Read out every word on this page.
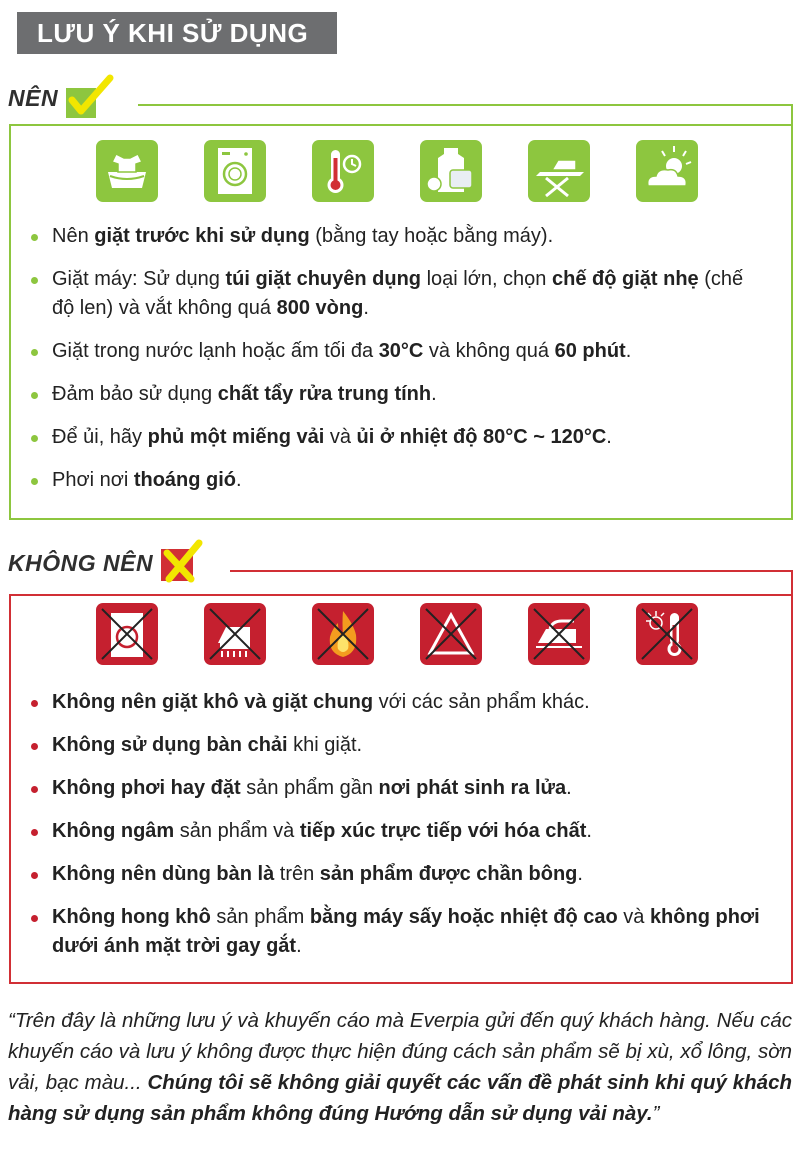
LƯU Ý KHI SỬ DỤNG
NÊN
Nên giặt trước khi sử dụng (bằng tay hoặc bằng máy).
Giặt máy: Sử dụng túi giặt chuyên dụng loại lớn, chọn chế độ giặt nhẹ (chế độ len) và vắt không quá 800 vòng.
Giặt trong nước lạnh hoặc ấm tối đa 30°C và không quá 60 phút.
Đảm bảo sử dụng chất tẩy rửa trung tính.
Để ủi, hãy phủ một miếng vải và ủi ở nhiệt độ 80°C ~ 120°C.
Phơi nơi thoáng gió.
KHÔNG NÊN
Không nên giặt khô và giặt chung với các sản phẩm khác.
Không sử dụng bàn chải khi giặt.
Không phơi hay đặt sản phẩm gần nơi phát sinh ra lửa.
Không ngâm sản phẩm và tiếp xúc trực tiếp với hóa chất.
Không nên dùng bàn là trên sản phẩm được chần bông.
Không hong khô sản phẩm bằng máy sấy hoặc nhiệt độ cao và không phơi dưới ánh mặt trời gay gắt.

“Trên đây là những lưu ý và khuyến cáo mà Everpia gửi đến quý khách hàng. Nếu các khuyến cáo và lưu ý không được thực hiện đúng cách sản phẩm sẽ bị xù, xổ lông, sờn vải, bạc màu... Chúng tôi sẽ không giải quyết các vấn đề phát sinh khi quý khách hàng sử dụng sản phẩm không đúng Hướng dẫn sử dụng vải này.”
